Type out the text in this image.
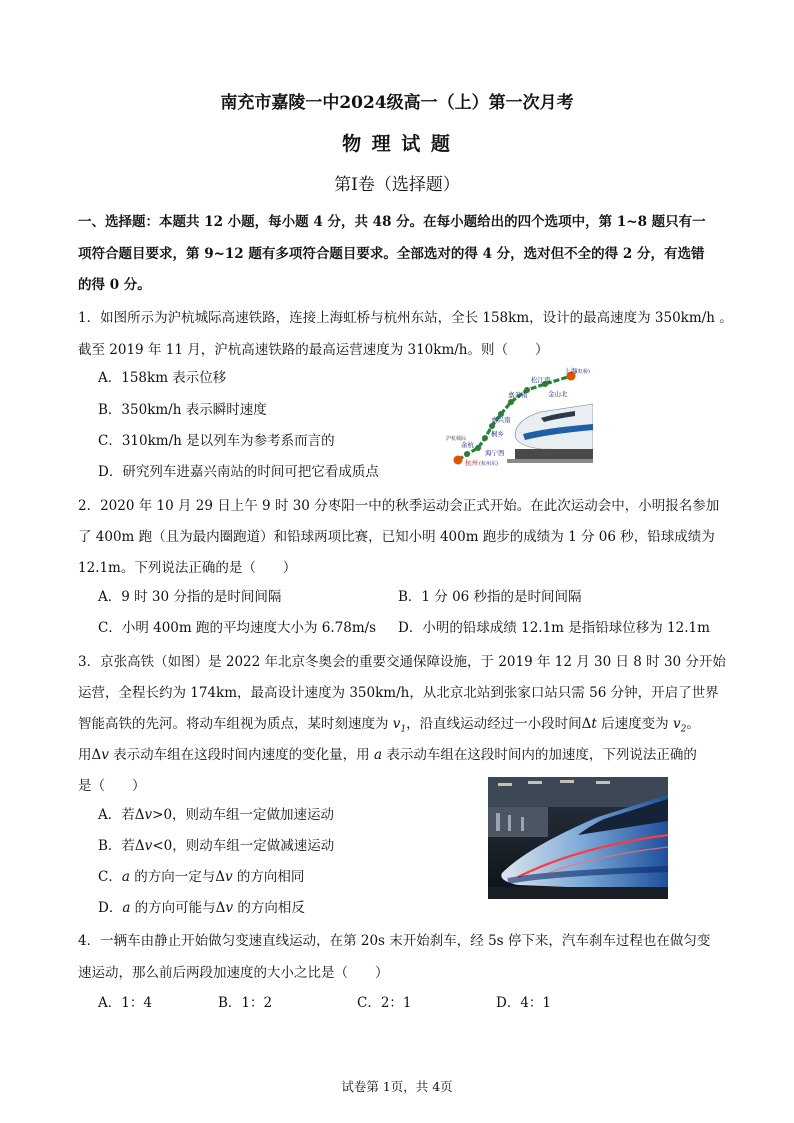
南充市嘉陵一中2024级高一（上）第一次月考
物 理 试 题
第Ⅰ卷（选择题）
一、选择题：本题共 12 小题，每小题 4 分，共 48 分。在每小题给出的四个选项中，第 1~8 题只有一
项符合题目要求，第 9~12 题有多项符合题目要求。全部选对的得 4 分，选对但不全的得 2 分，有选错
的得 0 分。
1．如图所示为沪杭城际高速铁路，连接上海虹桥与杭州东站，全长 158km，设计的最高速度为 350km/h 。
截至 2019 年 11 月，沪杭高速铁路的最高运营速度为 310km/h。则（　　）
A．158km 表示位移
B．350km/h 表示瞬时速度
C．310km/h 是以列车为参考系而言的
D．研究列车进嘉兴南站的时间可把它看成质点
上海 (虹桥)
松江南
金山北
嘉善南
嘉兴南
桐乡
海宁西
余杭
杭州 (杭州东)
沪杭城际
2．2020 年 10 月 29 日上午 9 时 30 分枣阳一中的秋季运动会正式开始。在此次运动会中，小明报名参加
了 400m 跑（且为最内圈跑道）和铅球两项比赛，已知小明 400m 跑步的成绩为 1 分 06 秒，铅球成绩为
12.1m。下列说法正确的是（　　）
A．9 时 30 分指的是时间间隔	B．1 分 06 秒指的是时间间隔
C．小明 400m 跑的平均速度大小为 6.78m/s D．小明的铅球成绩 12.1m 是指铅球位移为 12.1m
3．京张高铁（如图）是 2022 年北京冬奥会的重要交通保障设施，于 2019 年 12 月 30 日 8 时 30 分开始
运营，全程长约为 174km，最高设计速度为 350km/h，从北京北站到张家口站只需 56 分钟，开启了世界
智能高铁的先河。将动车组视为质点，某时刻速度为 $v_1$，沿直线运动经过一小段时间Δt 后速度变为 $v_2$。
用Δv 表示动车组在这段时间内速度的变化量，用 a 表示动车组在这段时间内的加速度，下列说法正确的
是（　　）
A．若Δv>0，则动车组一定做加速运动
B．若Δv<0，则动车组一定做减速运动
C．a 的方向一定与Δv 的方向相同
D．a 的方向可能与Δv 的方向相反
4．一辆车由静止开始做匀变速直线运动，在第 20s 末开始刹车，经 5s 停下来，汽车刹车过程也在做匀变
速运动，那么前后两段加速度的大小之比是（　　）
A．1：4	B．1：2	C．2：1	D．4：1
试卷第 1页，共 4页
